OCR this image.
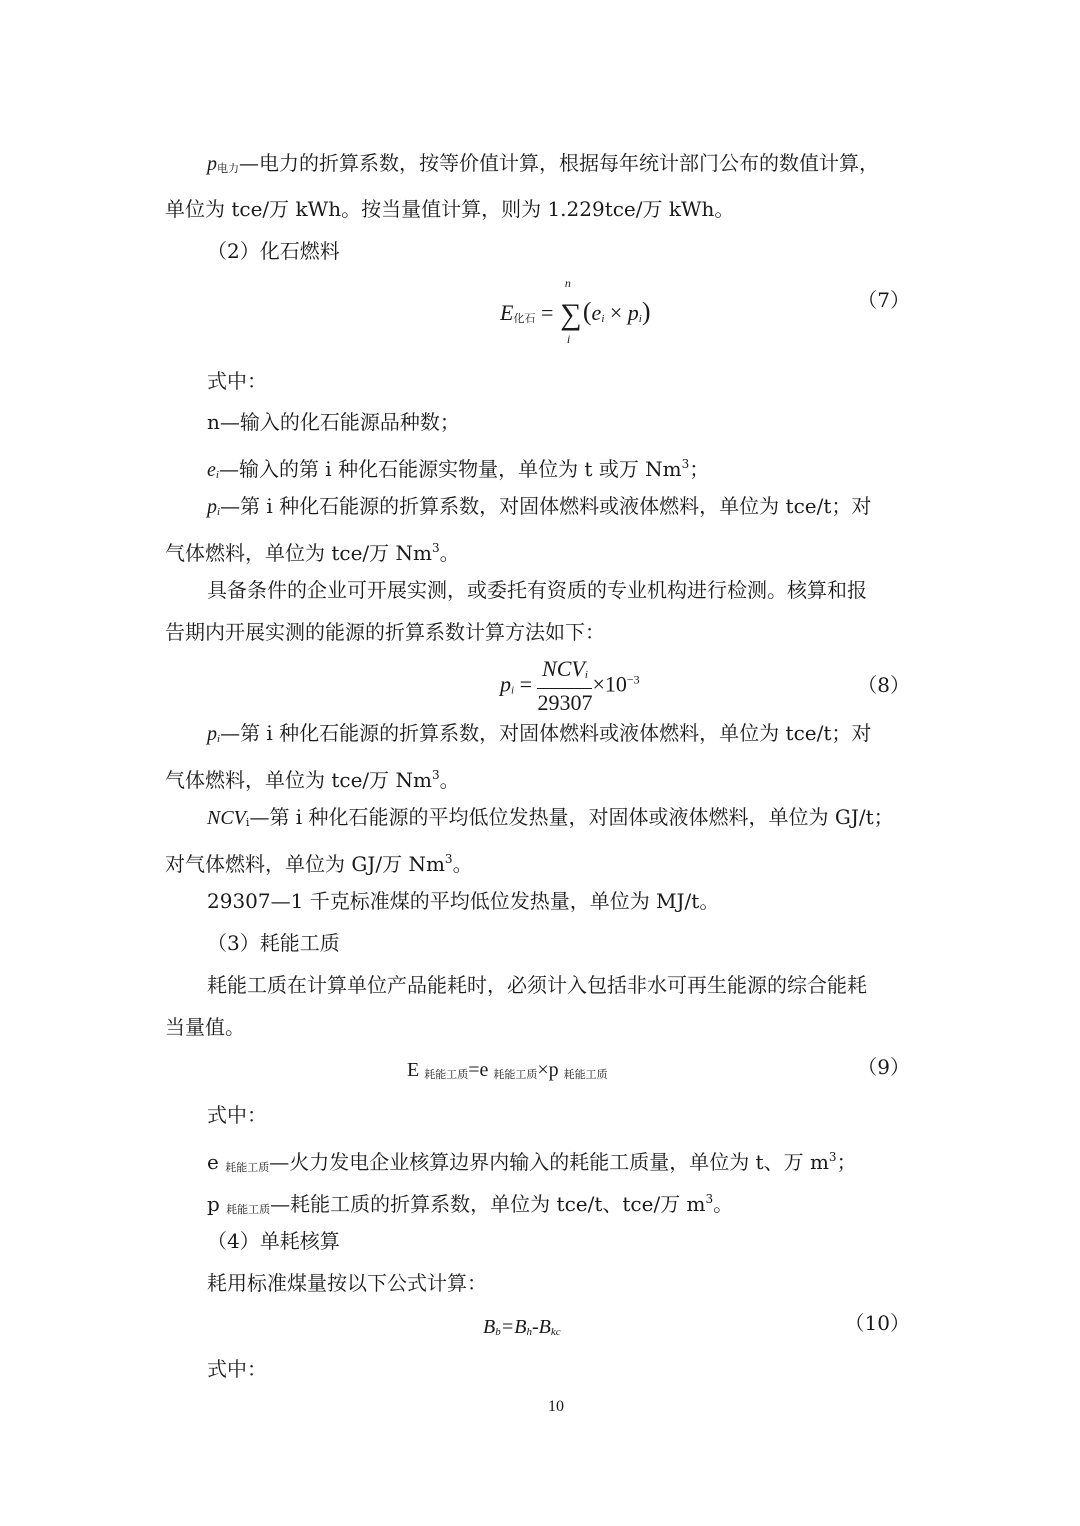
p电力—电力的折算系数，按等价值计算，根据每年统计部门公布的数值计算，

单位为 tce/万 kWh。按当量值计算，则为 1.229tce/万 kWh。

（2）化石燃料

E化石 =
n
∑
i
(ei × pi)	（7）

式中：

n—输入的化石能源品种数；

ei—输入的第 i 种化石能源实物量，单位为 t 或万 Nm$^3$；

pi—第 i 种化石能源的折算系数，对固体燃料或液体燃料，单位为 tce/t；对

气体燃料，单位为 tce/万 Nm$^3$。

具备条件的企业可开展实测，或委托有资质的专业机构进行检测。核算和报

告期内开展实测的能源的折算系数计算方法如下：

pi = $\frac{\text{NCVi}}{29307} \times 10^{-3}$	（8）

pi—第 i 种化石能源的折算系数，对固体燃料或液体燃料，单位为 tce/t；对

气体燃料，单位为 tce/万 Nm$^3$。

NCVi—第 i 种化石能源的平均低位发热量，对固体或液体燃料，单位为 GJ/t；

对气体燃料，单位为 GJ/万 Nm$^3$。

29307—1 千克标准煤的平均低位发热量，单位为 MJ/t。

（3）耗能工质

耗能工质在计算单位产品能耗时，必须计入包括非水可再生能源的综合能耗

当量值。

E 耗能工质=e 耗能工质×p 耗能工质	（9）

式中：

e 耗能工质—火力发电企业核算边界内输入的耗能工质量，单位为 t、万 $m^3$；

p 耗能工质—耗能工质的折算系数，单位为 tce/t、tce/万 $m^3$。

（4）单耗核算

耗用标准煤量按以下公式计算：

Bb=Bh-Bkc	（10）

式中：

10
